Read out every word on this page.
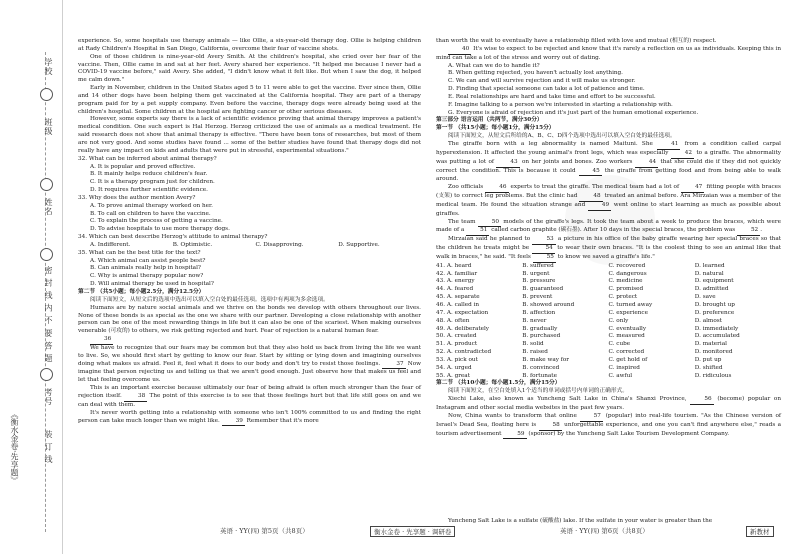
学校
班级
姓名
密 封 线 内 不 要 答 题
考号
装 订 线
《衡水金卷·先享题》

experience. So, some hospitals use therapy animals — like Ollie, a six-year-old therapy dog. Ollie is helping children at Rady Children's Hospital in San Diego, California, overcome their fear of vaccine shots.

One of those children is nine-year-old Avery Smith. At the children's hospital, she cried over her fear of the vaccine. Then, Ollie came in and sat at her feet. Avery shared her experience. "It helped me because I never had a COVID-19 vaccine before," said Avery. She added, "I didn't know what it felt like. But when I saw the dog, it helped me calm down."

Early in November, children in the United States aged 5 to 11 were able to get the vaccine. Ever since then, Ollie and 14 other dogs have been helping them get vaccinated at the California hospital. They are part of a therapy program paid for by a pet supply company. Even before the vaccine, therapy dogs were already being used at the children's hospital. Some children at the hospital are fighting cancer or other serious diseases.

However, some experts say there is a lack of scientific evidence proving that animal therapy improves a patient's medical condition. One such expert is Hal Herzog. Herzog criticized the use of animals as a medical treatment. He said research does not show that animal therapy is effective. "There have been tons of researches, but most of them are not very good. And some studies have found ... some of the better studies have found that therapy dogs did not really have any impact on kids and adults that were put in stressful, experimental situations."

32. What can be inferred about animal therapy?

A. It is popular and proved effective.

B. It mainly helps reduce children's fear.

C. It is a therapy program just for children.

D. It requires further scientific evidence.

33. Why does the author mention Avery?

A. To prove animal therapy worked on her.

B. To call on children to have the vaccine.

C. To explain the process of getting a vaccine.

D. To advise hospitals to use more therapy dogs.

34. Which can best describe Herzog's attitude to animal therapy?

A. Indifferent.	B. Optimistic.	C. Disapproving.	D. Supportive.

35. What can be the best title for the text?

A. Which animal can assist people best?

B. Can animals really help in hospital?

C. Why is animal therapy popular now?

D. Will animal therapy be used in hospital?

第二节 （共5小题；每小题2.5分，满分12.5分）

阅读下面短文，从短文后的选项中选出可以填入空白处的最佳选项。选项中有两项为多余选项。

Humans are by nature social animals and we thrive on the bonds we develop with others throughout our lives. None of these bonds is as special as the one we share with our partner. Developing a close relationship with another person can be one of the most rewarding things in life but it can also be one of the scariest. When making ourselves venerable (可攻的) to others, we risk getting rejected and hurt. Fear of rejection is a natural human fear.

36

We have to recognize that our fears may be common but that they also hold us back from living the life we want to live. So, we should first start by getting to know our fear. Start by sitting or lying down and imagining ourselves doing what makes us afraid. Feel it, feel what it does to our body and don't try to resist those feelings.	37 Now imagine that person rejecting us and telling us that we aren't good enough. Just observe how that makes us feel and let that feeling overcome us.

This is an important exercise because ultimately our fear of being afraid is often much stronger than the fear of rejection itself.	38 The point of this exercise is to see that those feelings hurt but that life still goes on and we can deal with them.

It's never worth getting into a relationship with someone who isn't 100% committed to us and finding the right person can take much longer than we might like.	39 Remember that it's more

than worth the wait to eventually have a relationship filled with love and mutual (相互的) respect.

40 It's wise to expect to be rejected and know that it's rarely a reflection on us as individuals. Keeping this in mind can take a lot of the stress and worry out of dating.

A. What can we do to handle it?

B. When getting rejected, you haven't actually lost anything.

C. We can and will survive rejection and it will make us stronger.

D. Finding that special someone can take a lot of patience and time.

E. Real relationships are hard and take time and effort to be successful.

F. Imagine talking to a person we're interested in starting a relationship with.

G. Everyone is afraid of rejection and it's just part of the human emotional experience.

第三部分 语言运用（共两节，满分30分）

第一节 （共15小题；每小题1分，满分15分）

阅读下面短文，从短文后所给的A、B、C、D四个选项中选出可以填入空白处的最佳选项。

The giraffe born with a leg abnormality is named Maituni. She	41 from a condition called carpal hyperextension. It affected the young animal's front legs, which was especially	42 to a giraffe. The abnormality was putting a lot of	43 on her joints and bones. Zoo workers	44 that she could die if they did not quickly correct the condition. This is because it could	45 the giraffe from getting food and from being able to walk around.

Zoo officials	46 experts to treat the giraffe. The medical team had a lot of	47 fitting people with braces (支架) to correct leg problems. But the clinic had	48 treated an animal before. Ara Mirzaian was a member of the medical team. He found the situation strange and	49 went online to start learning as much as possible about giraffes.

The team	50 models of the giraffe's legs. It took the team about a week to produce the braces, which were made of a	51 called carbon graphite (碳石墨). After 10 days in the special braces, the problem was	52 .

Mirzaian said he planned to	53 a picture in his office of the baby giraffe wearing her special braces so that the children he treats might be	54 to wear their own braces. "It is the coolest thing to see an animal like that walk in braces," he said. "It feels	55 to know we saved a giraffe's life."

41. A. heard	B. suffered	C. recovered	D. learned
42. A. familiar	B. urgent	C. dangerous	D. natural
43. A. energy	B. pressure	C. medicine	D. equipment
44. A. feared	B. guaranteed	C. promised	D. admitted
45. A. separate	B. prevent	C. protect	D. save
46. A. called in	B. showed around	C. turned away	D. brought up
47. A. expectation	B. affection	C. experience	D. preference
48. A. often	B. never	C. only	D. almost
49. A. deliberately	B. gradually	C. eventually	D. immediately
50. A. created	B. purchased	C. measured	D. accumulated
51. A. product	B. solid	C. cube	D. material
52. A. contradicted	B. raised	C. corrected	D. monitored
53. A. pick out	B. make way for	C. get hold of	D. put up
54. A. urged	B. convinced	C. inspired	D. shifted
55. A. great	B. fortunate	C. awful	D. ridiculous

第二节 （共10小题；每小题1.5分，满分15分）

阅读下面短文，在空白处填入1个适当的单词或括号内单词的正确形式。

Xiechi Lake, also known as Yuncheng Salt Lake in China's Shanxi Province,	56 (become) popular on Instagram and other social media websites in the past few years.

Now, China wants to transform that online	57 (popular) into real-life tourism. "As the Chinese version of Israel's Dead Sea, floating here is	58 unforgettable experience, and one you can't find anywhere else," reads a tourism advertisement	59 (sponsor) by the Yuncheng Salt Lake Tourism Development Company.

英语 · YY(四) 第5页（共8页）	衡水金卷 · 先享题 · 调研卷	英语 · YY(四) 第6页（共8页）	新教材
Yuncheng Salt Lake is a sulfate (硫酸盐) lake. If the sulfate in your water is greater than the
